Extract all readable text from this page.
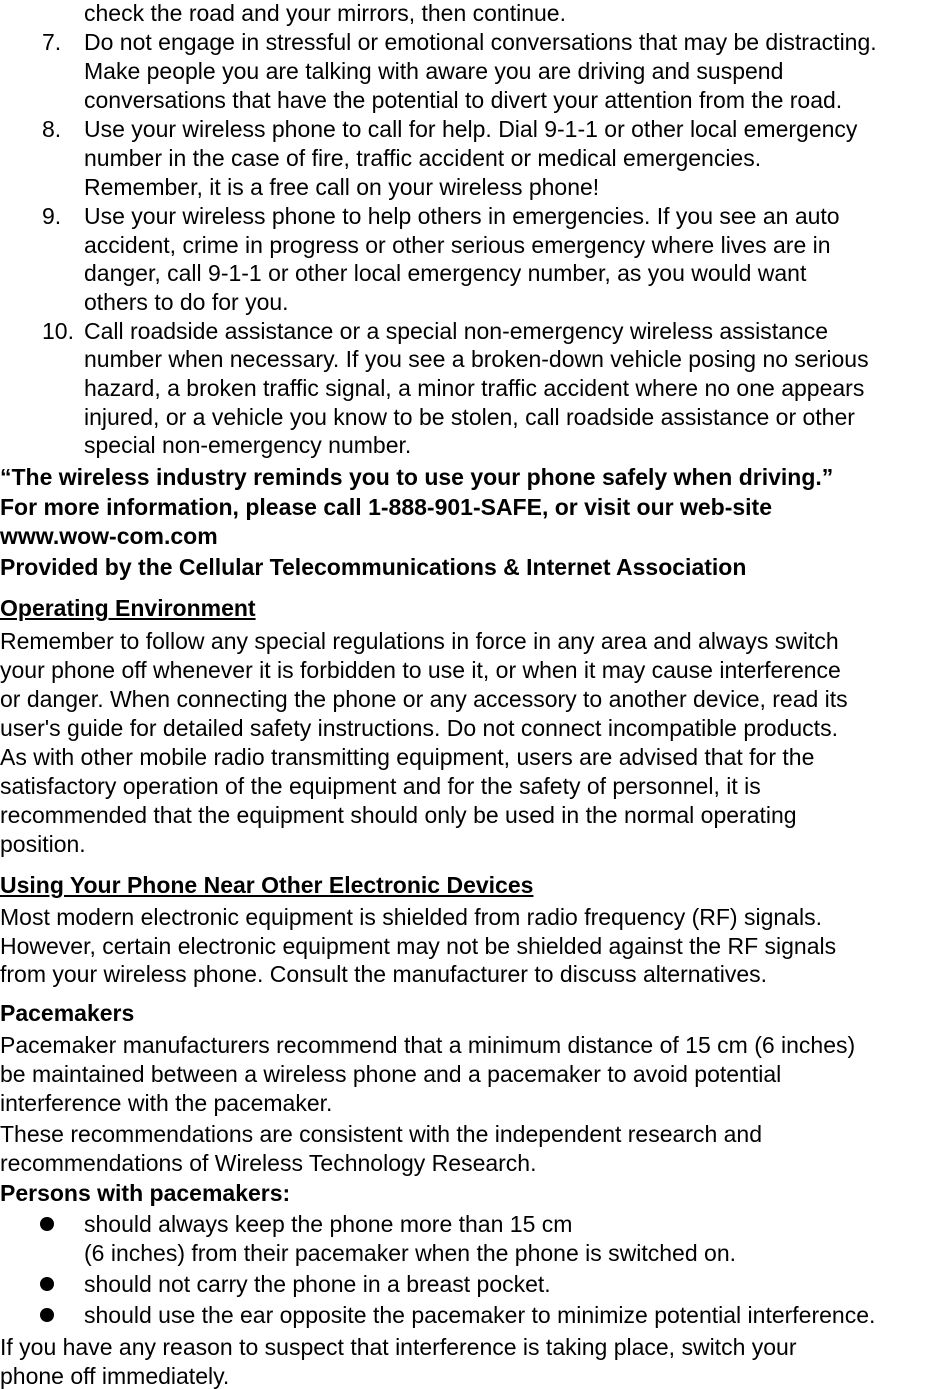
check the road and your mirrors, then continue.
7. Do not engage in stressful or emotional conversations that may be distracting.
Make people you are talking with aware you are driving and suspend
conversations that have the potential to divert your attention from the road.
8. Use your wireless phone to call for help. Dial 9-1-1 or other local emergency
number in the case of fire, traffic accident or medical emergencies.
Remember, it is a free call on your wireless phone!
9. Use your wireless phone to help others in emergencies. If you see an auto
accident, crime in progress or other serious emergency where lives are in
danger, call 9-1-1 or other local emergency number, as you would want
others to do for you.
10. Call roadside assistance or a special non-emergency wireless assistance
number when necessary. If you see a broken-down vehicle posing no serious
hazard, a broken traffic signal, a minor traffic accident where no one appears
injured, or a vehicle you know to be stolen, call roadside assistance or other
special non-emergency number.
“The wireless industry reminds you to use your phone safely when driving.”
For more information, please call 1-888-901-SAFE, or visit our web-site
www.wow-com.com
Provided by the Cellular Telecommunications & Internet Association
Operating Environment
Remember to follow any special regulations in force in any area and always switch
your phone off whenever it is forbidden to use it, or when it may cause interference
or danger. When connecting the phone or any accessory to another device, read its
user's guide for detailed safety instructions. Do not connect incompatible products.
As with other mobile radio transmitting equipment, users are advised that for the
satisfactory operation of the equipment and for the safety of personnel, it is
recommended that the equipment should only be used in the normal operating
position.
Using Your Phone Near Other Electronic Devices
Most modern electronic equipment is shielded from radio frequency (RF) signals.
However, certain electronic equipment may not be shielded against the RF signals
from your wireless phone. Consult the manufacturer to discuss alternatives.
Pacemakers
Pacemaker manufacturers recommend that a minimum distance of 15 cm (6 inches)
be maintained between a wireless phone and a pacemaker to avoid potential
interference with the pacemaker.
These recommendations are consistent with the independent research and
recommendations of Wireless Technology Research.
Persons with pacemakers:
should always keep the phone more than 15 cm
(6 inches) from their pacemaker when the phone is switched on.
should not carry the phone in a breast pocket.
should use the ear opposite the pacemaker to minimize potential interference.
If you have any reason to suspect that interference is taking place, switch your
phone off immediately.
